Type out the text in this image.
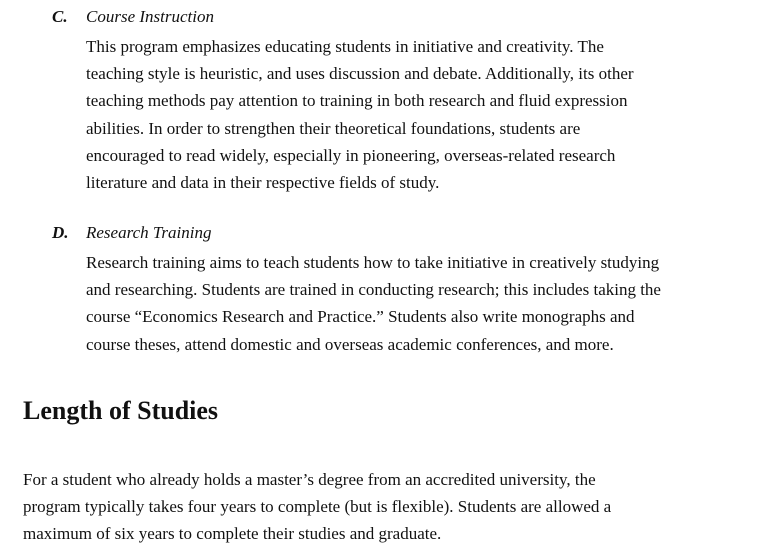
C. Course Instruction
This program emphasizes educating students in initiative and creativity. The
teaching style is heuristic, and uses discussion and debate. Additionally, its other
teaching methods pay attention to training in both research and fluid expression
abilities. In order to strengthen their theoretical foundations, students are
encouraged to read widely, especially in pioneering, overseas-related research
literature and data in their respective fields of study.
D. Research Training
Research training aims to teach students how to take initiative in creatively studying
and researching. Students are trained in conducting research; this includes taking the
course “Economics Research and Practice.” Students also write monographs and
course theses, attend domestic and overseas academic conferences, and more.
Length of Studies
For a student who already holds a master’s degree from an accredited university, the
program typically takes four years to complete (but is flexible). Students are allowed a
maximum of six years to complete their studies and graduate.
